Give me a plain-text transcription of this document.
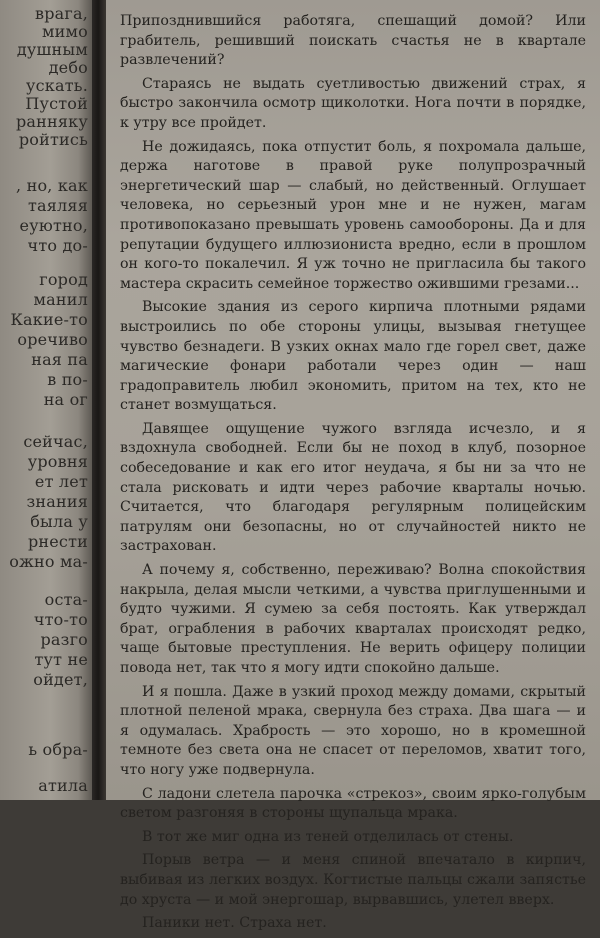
врага,
мимо
душным
дебо
ускать.
Пустой
ранняку
ройтись
, но, как
таяляя
еуютно,
что до-
город
манил
Какие-то
оречиво
ная па
в по-
на ог
сейчас,
уровня
ет лет
знания
была у
рнести
ожно ма-
оста-
что-то
разго
тут не
ойдет,
ь обра-
атила

Припозднившийся работяга, спешащий домой? Или грабитель, решивший поискать счастья не в квартале развлечений?

Стараясь не выдать суетливостью движений страх, я быстро закончила осмотр щиколотки. Нога почти в порядке, к утру все пройдет.

Не дожидаясь, пока отпустит боль, я похромала дальше, держа наготове в правой руке полупрозрачный энергетический шар — слабый, но действенный. Оглушает человека, но серьезный урон мне и не нужен, магам противопоказано превышать уровень самообороны. Да и для репутации будущего иллюзиониста вредно, если в прошлом он кого-то покалечил. Я уж точно не пригласила бы такого мастера скрасить семейное торжество ожившими грезами...

Высокие здания из серого кирпича плотными рядами выстроились по обе стороны улицы, вызывая гнетущее чувство безнадеги. В узких окнах мало где горел свет, даже магические фонари работали через один — наш градоправитель любил экономить, притом на тех, кто не станет возмущаться.

Давящее ощущение чужого взгляда исчезло, и я вздохнула свободней. Если бы не поход в клуб, позорное собеседование и как его итог неудача, я бы ни за что не стала рисковать и идти через рабочие кварталы ночью. Считается, что благодаря регулярным полицейским патрулям они безопасны, но от случайностей никто не застрахован.

А почему я, собственно, переживаю? Волна спокойствия накрыла, делая мысли четкими, а чувства приглушенными и будто чужими. Я сумею за себя постоять. Как утверждал брат, ограбления в рабочих кварталах происходят редко, чаще бытовые преступления. Не верить офицеру полиции повода нет, так что я могу идти спокойно дальше.

И я пошла. Даже в узкий проход между домами, скрытый плотной пеленой мрака, свернула без страха. Два шага — и я одумалась. Храбрость — это хорошо, но в кромешной темноте без света она не спасет от переломов, хватит того, что ногу уже подвернула.

С ладони слетела парочка «стрекоз», своим ярко-голубым светом разгоняя в стороны щупальца мрака.

В тот же миг одна из теней отделилась от стены.

Порыв ветра — и меня спиной впечатало в кирпич, выбивая из легких воздух. Когтистые пальцы сжали запястье до хруста — и мой энергошар, вырвавшись, улетел вверх.

Паники нет. Страха нет.
